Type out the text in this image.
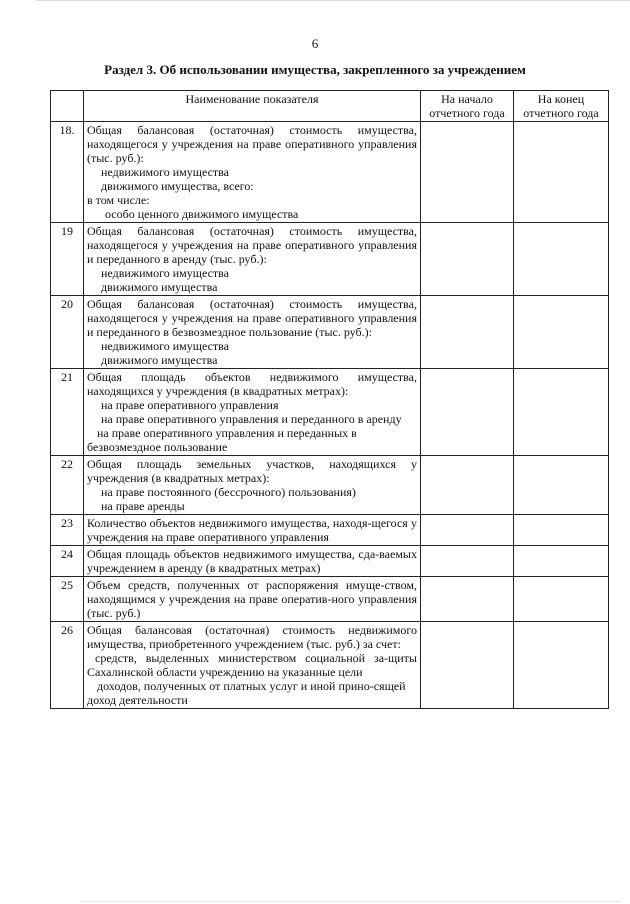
6
Раздел 3. Об использовании имущества, закрепленного за учреждением
	Наименование показателя	На начало отчетного года	На конец отчетного года
18.	Общая балансовая (остаточная) стоимость имущества, находящегося у учреждения на праве оперативного управления (тыс. руб.):
недвижимого имущества
движимого имущества, всего:
в том числе:
особо ценного движимого имущества		

19	Общая балансовая (остаточная) стоимость имущества, находящегося у учреждения на праве оперативного управления и переданного в аренду (тыс. руб.):
недвижимого имущества
движимого имущества		

20	Общая балансовая (остаточная) стоимость имущества, находящегося у учреждения на праве оперативного управления и переданного в безвозмездное пользование (тыс. руб.):
недвижимого имущества
движимого имущества		

21	Общая площадь объектов недвижимого имущества, находящихся у учреждения (в квадратных метрах):
на праве оперативного управления
на праве оперативного управления и переданного в аренду
на праве оперативного управления и переданных в безвозмездное пользование		

22	Общая площадь земельных участков, находящихся у учреждения (в квадратных метрах):
на праве постоянного (бессрочного) пользования)
на праве аренды		

23	Количество объектов недвижимого имущества, находя-щегося у учреждения на праве оперативного управления		

24	Общая площадь объектов недвижимого имущества, сда-ваемых учреждением в аренду (в квадратных метрах)		

25	Объем средств, полученных от распоряжения имуще-ством, находящимся у учреждения на праве оператив-ного управления (тыс. руб.)		

26	Общая балансовая (остаточная) стоимость недвижимого имущества, приобретенного учреждением (тыс. руб.) за счет:
средств, выделенных министерством социальной за-щиты Сахалинской области учреждению на указанные цели
доходов, полученных от платных услуг и иной прино-сящей доход деятельности		
